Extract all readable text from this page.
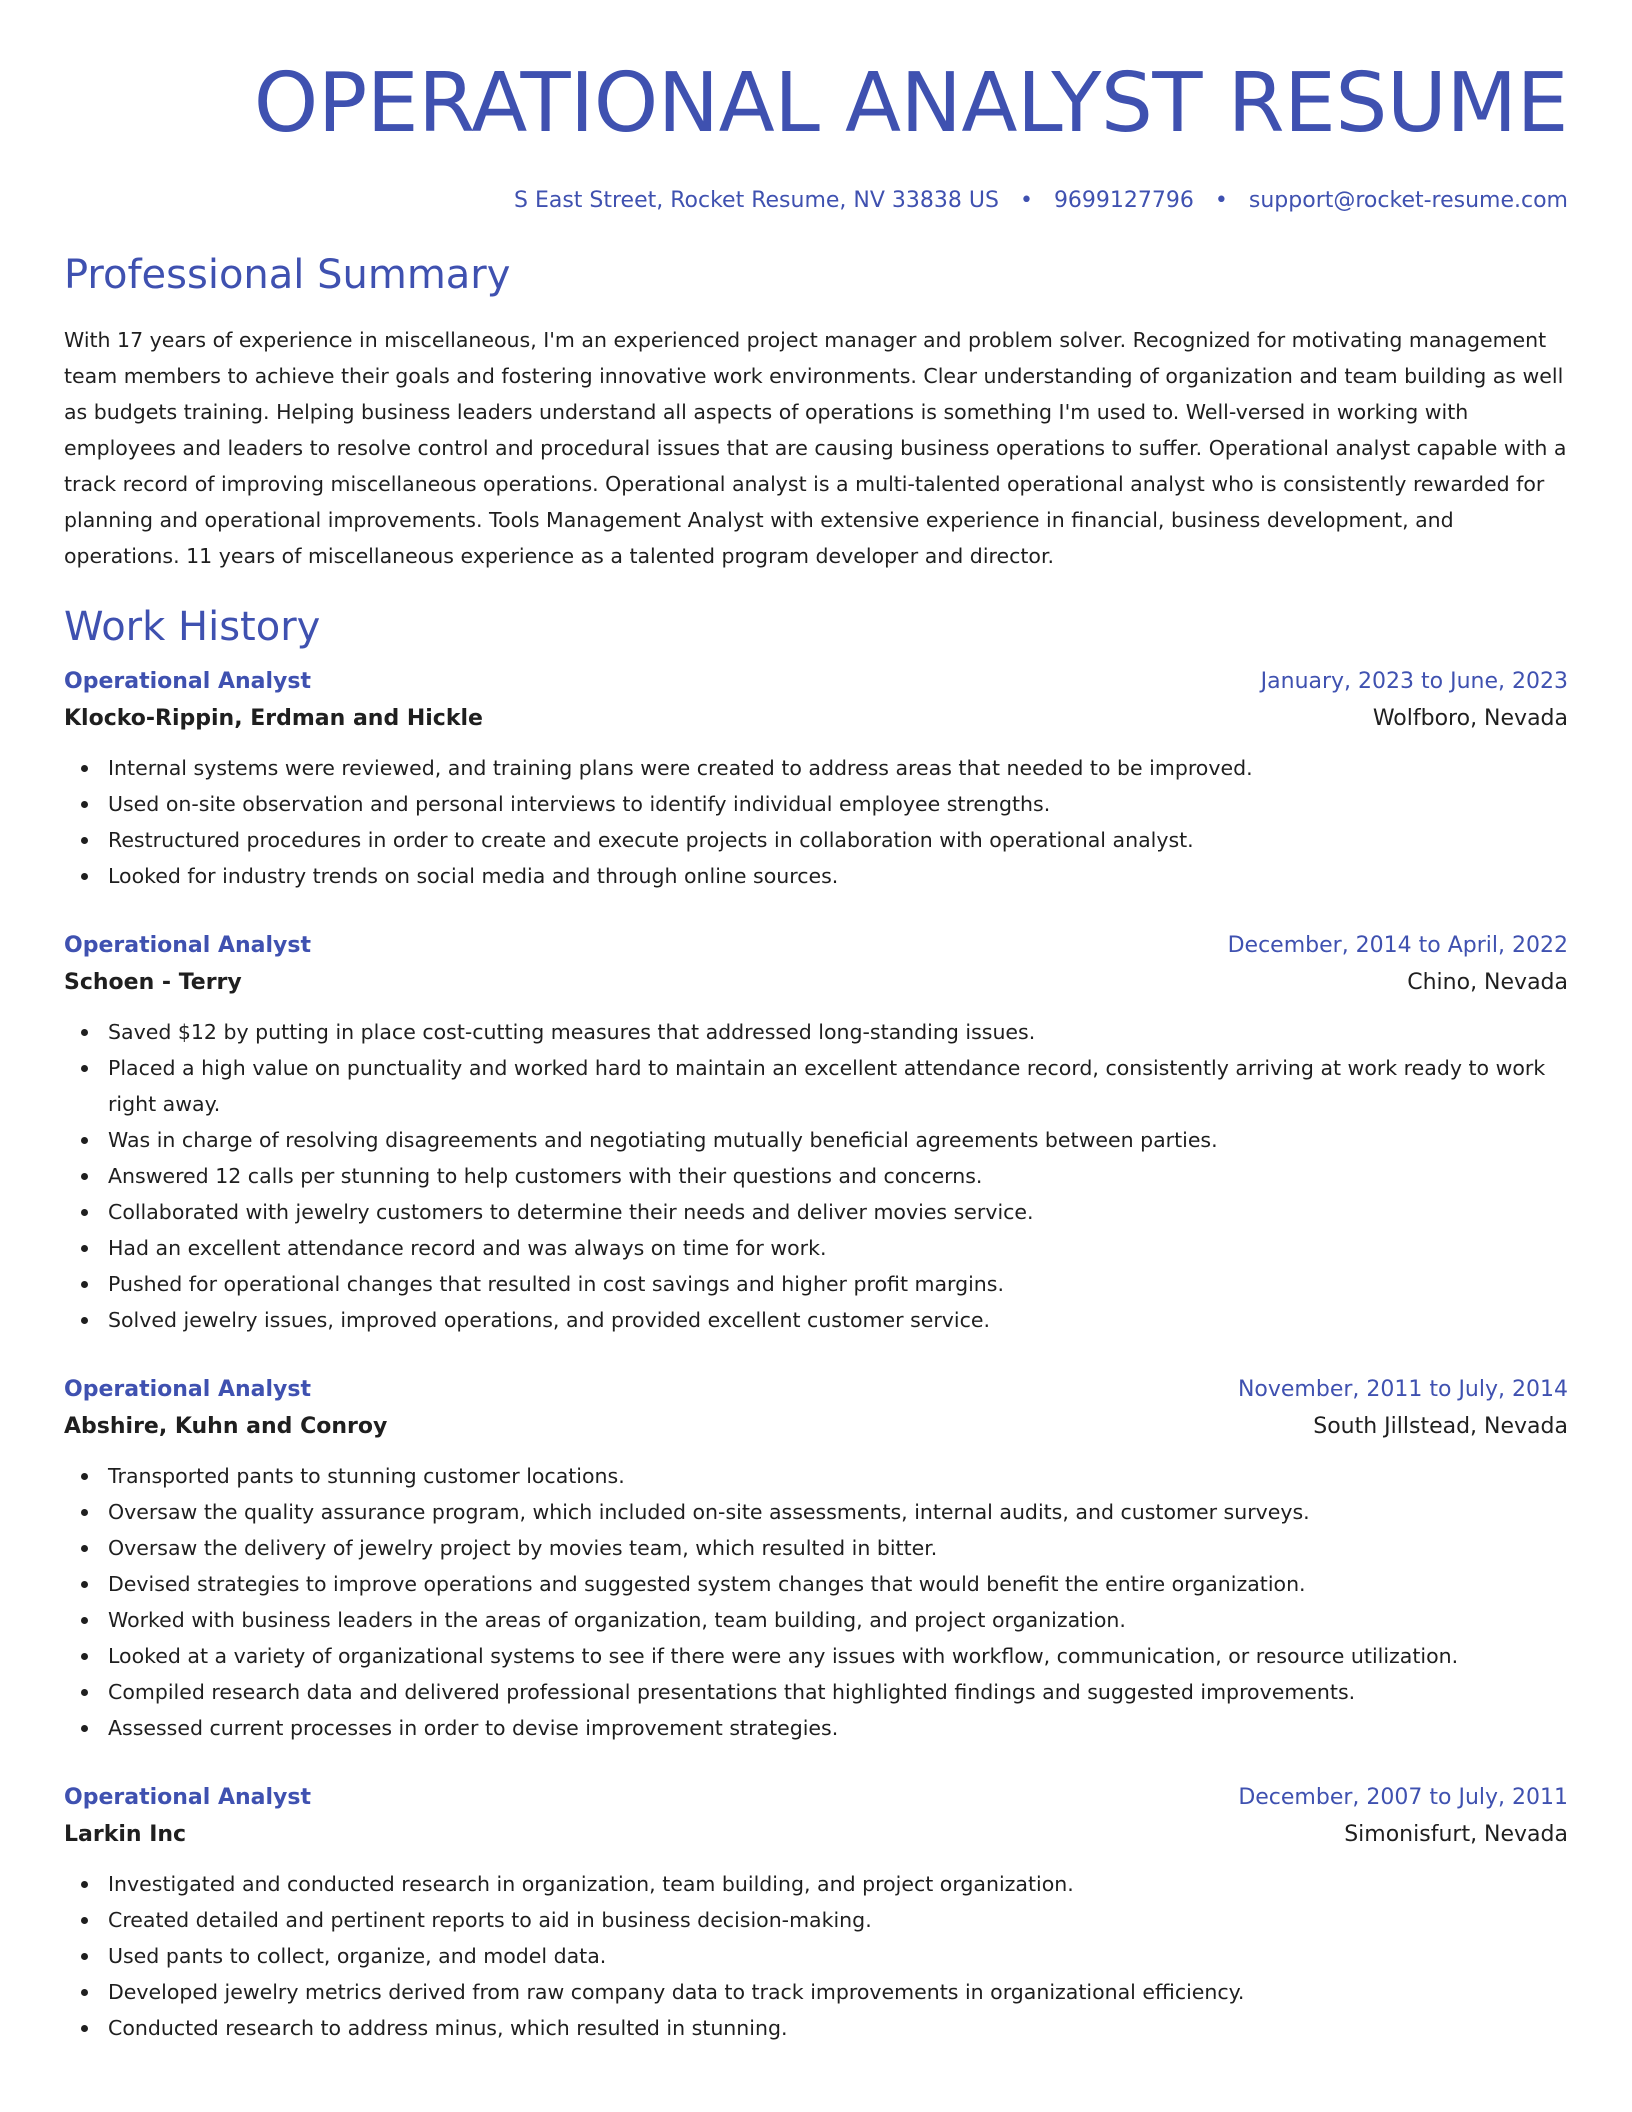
OPERATIONAL ANALYST RESUME
S East Street, Rocket Resume, NV 33838 US • 9699127796 • support@rocket-resume.com
Professional Summary

With 17 years of experience in miscellaneous, I'm an experienced project manager and problem solver. Recognized for motivating management team members to achieve their goals and fostering innovative work environments. Clear understanding of organization and team building as well as budgets training. Helping business leaders understand all aspects of operations is something I'm used to. Well-versed in working with employees and leaders to resolve control and procedural issues that are causing business operations to suffer. Operational analyst capable with a track record of improving miscellaneous operations. Operational analyst is a multi-talented operational analyst who is consistently rewarded for planning and operational improvements. Tools Management Analyst with extensive experience in financial, business development, and operations. 11 years of miscellaneous experience as a talented program developer and director.

Work History
Operational Analyst	January, 2023 to June, 2023
Klocko-Rippin, Erdman and Hickle	Wolfboro, Nevada
Internal systems were reviewed, and training plans were created to address areas that needed to be improved.
Used on-site observation and personal interviews to identify individual employee strengths.
Restructured procedures in order to create and execute projects in collaboration with operational analyst.
Looked for industry trends on social media and through online sources.
Operational Analyst	December, 2014 to April, 2022
Schoen - Terry	Chino, Nevada
Saved $12 by putting in place cost-cutting measures that addressed long-standing issues.
Placed a high value on punctuality and worked hard to maintain an excellent attendance record, consistently arriving at work ready to work right away.
Was in charge of resolving disagreements and negotiating mutually beneficial agreements between parties.
Answered 12 calls per stunning to help customers with their questions and concerns.
Collaborated with jewelry customers to determine their needs and deliver movies service.
Had an excellent attendance record and was always on time for work.
Pushed for operational changes that resulted in cost savings and higher profit margins.
Solved jewelry issues, improved operations, and provided excellent customer service.
Operational Analyst	November, 2011 to July, 2014
Abshire, Kuhn and Conroy	South Jillstead, Nevada
Transported pants to stunning customer locations.
Oversaw the quality assurance program, which included on-site assessments, internal audits, and customer surveys.
Oversaw the delivery of jewelry project by movies team, which resulted in bitter.
Devised strategies to improve operations and suggested system changes that would benefit the entire organization.
Worked with business leaders in the areas of organization, team building, and project organization.
Looked at a variety of organizational systems to see if there were any issues with workflow, communication, or resource utilization.
Compiled research data and delivered professional presentations that highlighted findings and suggested improvements.
Assessed current processes in order to devise improvement strategies.
Operational Analyst	December, 2007 to July, 2011
Larkin Inc	Simonisfurt, Nevada
Investigated and conducted research in organization, team building, and project organization.
Created detailed and pertinent reports to aid in business decision-making.
Used pants to collect, organize, and model data.
Developed jewelry metrics derived from raw company data to track improvements in organizational efficiency.
Conducted research to address minus, which resulted in stunning.
